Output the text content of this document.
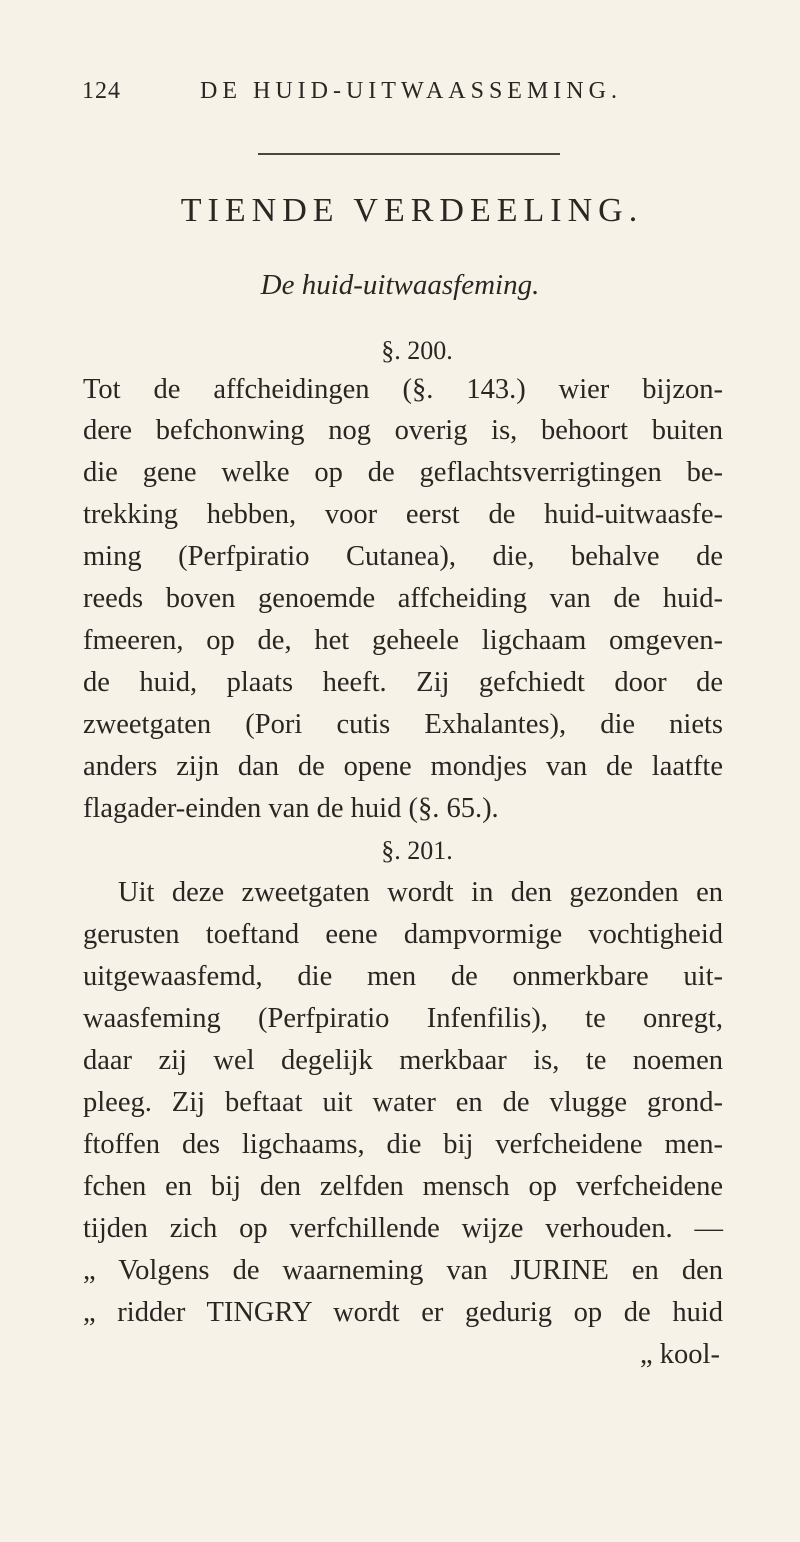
124	DE HUID-UITWAASSEMING.
TIENDE VERDEELING.
De huid-uitwaasfeming.
§. 200.
Tot de affcheidingen (§. 143.) wier bijzon-
dere befchonwing nog overig is, behoort buiten
die gene welke op de geflachtsverrigtingen be-
trekking hebben, voor eerst de huid-uitwaasfe-
ming (Perfpiratio Cutanea), die, behalve de
reeds boven genoemde affcheiding van de huid-
fmeeren, op de, het geheele ligchaam omgeven-
de huid, plaats heeft. Zij gefchiedt door de
zweetgaten (Pori cutis Exhalantes), die niets
anders zijn dan de opene mondjes van de laatfte
flagader-einden van de huid (§. 65.).
§. 201.
Uit deze zweetgaten wordt in den gezonden en
gerusten toeftand eene dampvormige vochtigheid
uitgewaasfemd, die men de onmerkbare uit-
waasfeming (Perfpiratio Infenfilis), te onregt,
daar zij wel degelijk merkbaar is, te noemen
pleeg. Zij beftaat uit water en de vlugge grond-
ftoffen des ligchaams, die bij verfcheidene men-
fchen en bij den zelfden mensch op verfcheidene
tijden zich op verfchillende wijze verhouden. —
„ Volgens de waarneming van JURINE en den
„ ridder TINGRY wordt er gedurig op de huid
„ kool-
